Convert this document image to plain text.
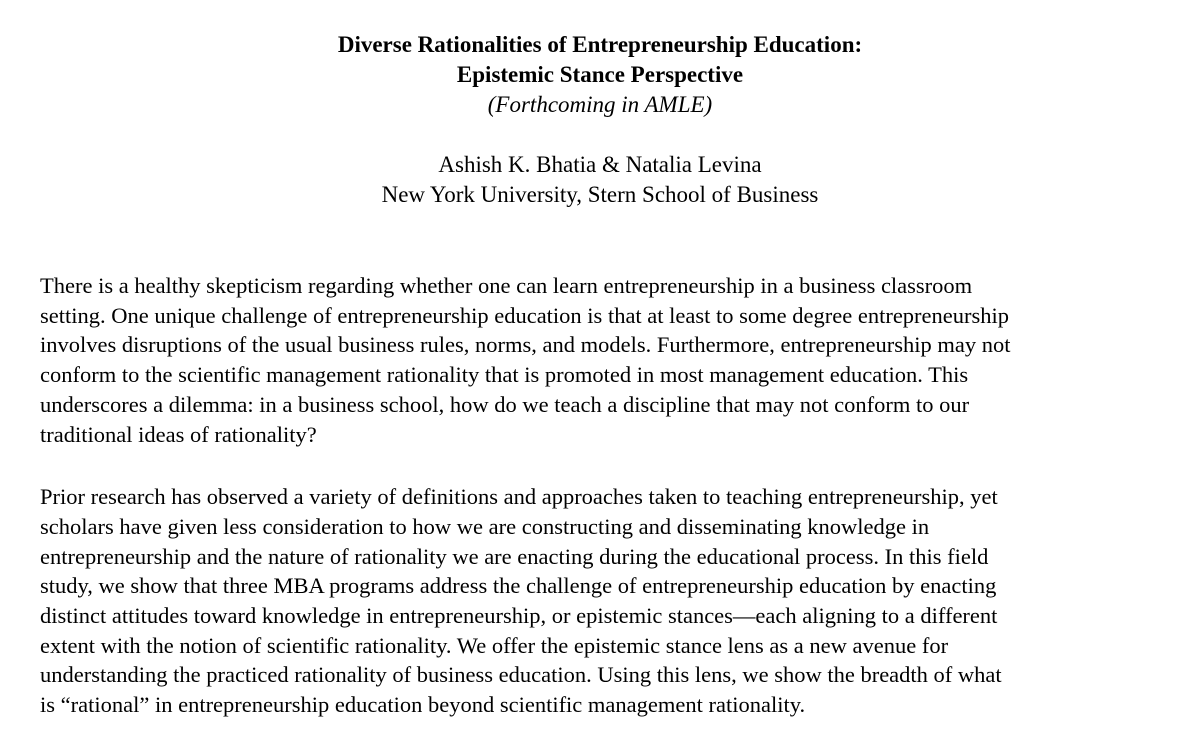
Diverse Rationalities of Entrepreneurship Education:
Epistemic Stance Perspective
(Forthcoming in AMLE)
Ashish K. Bhatia & Natalia Levina
New York University, Stern School of Business

There is a healthy skepticism regarding whether one can learn entrepreneurship in a business classroom
setting. One unique challenge of entrepreneurship education is that at least to some degree entrepreneurship
involves disruptions of the usual business rules, norms, and models. Furthermore, entrepreneurship may not
conform to the scientific management rationality that is promoted in most management education. This
underscores a dilemma: in a business school, how do we teach a discipline that may not conform to our
traditional ideas of rationality?

Prior research has observed a variety of definitions and approaches taken to teaching entrepreneurship, yet
scholars have given less consideration to how we are constructing and disseminating knowledge in
entrepreneurship and the nature of rationality we are enacting during the educational process. In this field
study, we show that three MBA programs address the challenge of entrepreneurship education by enacting
distinct attitudes toward knowledge in entrepreneurship, or epistemic stances—each aligning to a different
extent with the notion of scientific rationality. We offer the epistemic stance lens as a new avenue for
understanding the practiced rationality of business education. Using this lens, we show the breadth of what
is “rational” in entrepreneurship education beyond scientific management rationality.
